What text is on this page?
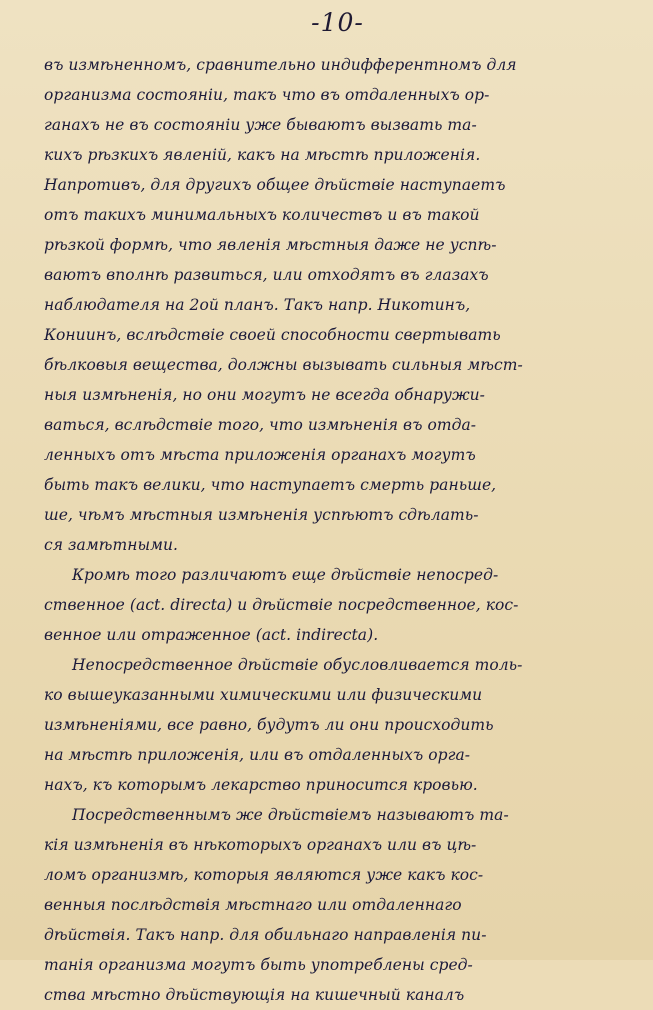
-10-
въ измѣненномъ, сравнительно индифферентномъ для
организма состояніи, такъ что въ отдаленныхъ ор-
ганахъ не въ состояніи уже бываютъ вызвать та-
кихъ рѣзкихъ явленій, какъ на мѣстѣ приложенія.
Напротивъ, для другихъ общее дѣйствіе наступаетъ
отъ такихъ минимальныхъ количествъ и въ такой
рѣзкой формѣ, что явленія мѣстныя даже не успѣ-
ваютъ вполнѣ развиться, или отходятъ въ глазахъ
наблюдателя на 2ой планъ. Такъ напр. Никотинъ,
Кониинъ, вслѣдствіе своей способности свертывать
бѣлковыя вещества, должны вызывать сильныя мѣст-
ныя измѣненія, но они могутъ не всегда обнаружи-
ваться, вслѣдствіе того, что измѣненія въ отда-
ленныхъ отъ мѣста приложенія органахъ могутъ
быть такъ велики, что наступаетъ смерть раньше,
ше, чѣмъ мѣстныя измѣненія успѣютъ сдѣлать-
ся замѣтными.
Кромѣ того различаютъ еще дѣйствіе непосред-
ственное (act. directa) и дѣйствіе посредственное, кос-
венное или отраженное (act. indirecta).
Непосредственное дѣйствіе обусловливается толь-
ко вышеуказанными химическими или физическими
измѣненіями, все равно, будутъ ли они происходить
на мѣстѣ приложенія, или въ отдаленныхъ орга-
нахъ, къ которымъ лекарство приносится кровью.
Посредственнымъ же дѣйствіемъ называютъ та-
кія измѣненія въ нѣкоторыхъ органахъ или въ цѣ-
ломъ организмѣ, которыя являются уже какъ кос-
венныя послѣдствія мѣстнаго или отдаленнаго
дѣйствія. Такъ напр. для обильнаго направленія пи-
танія организма могутъ быть употреблены сред-
ства мѣстно дѣйствующія на кишечный каналъ
